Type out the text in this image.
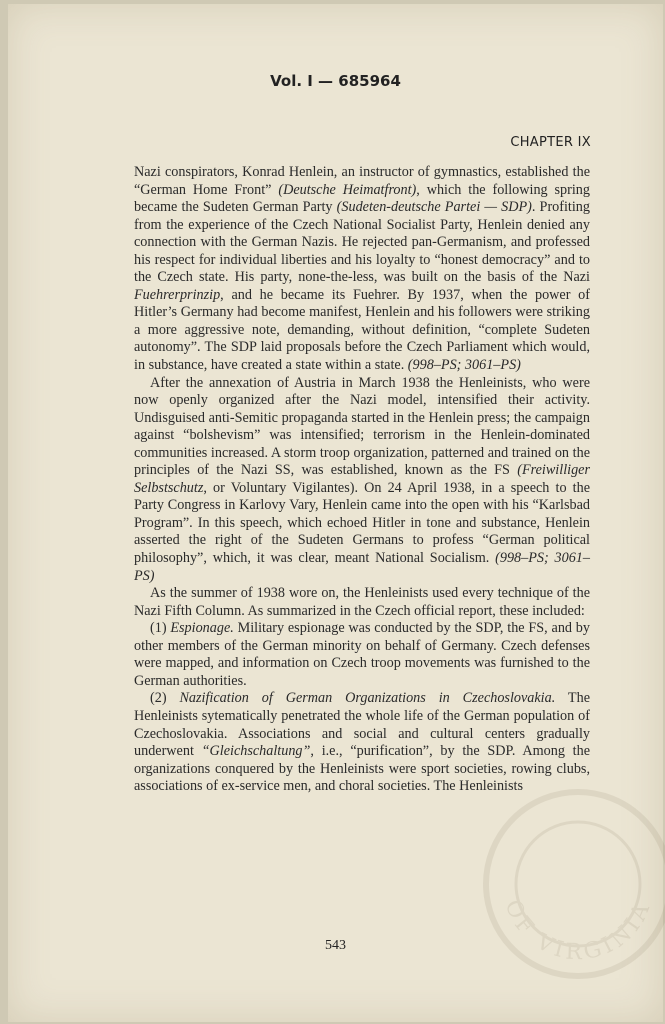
Vol. I — 685964
CHAPTER IX

Nazi conspirators, Konrad Henlein, an instructor of gymnastics, established the “German Home Front” (Deutsche Heimatfront), which the following spring became the Sudeten German Party (Sudeten-deutsche Partei — SDP). Profiting from the experience of the Czech National Socialist Party, Henlein denied any connection with the German Nazis. He rejected pan-Germanism, and professed his respect for individual liberties and his loyalty to “honest democracy” and to the Czech state. His party, none-the-less, was built on the basis of the Nazi Fuehrerprinzip, and he became its Fuehrer. By 1937, when the power of Hitler’s Germany had become manifest, Henlein and his followers were striking a more aggressive note, demanding, without definition, “complete Sudeten autonomy”. The SDP laid proposals before the Czech Parliament which would, in substance, have created a state within a state. (998–PS; 3061–PS)

After the annexation of Austria in March 1938 the Henleinists, who were now openly organized after the Nazi model, intensified their activity. Undisguised anti-Semitic propaganda started in the Henlein press; the campaign against “bolshevism” was intensified; terrorism in the Henlein-dominated communities increased. A storm troop organization, patterned and trained on the principles of the Nazi SS, was established, known as the FS (Freiwilliger Selbstschutz, or Voluntary Vigilantes). On 24 April 1938, in a speech to the Party Congress in Karlovy Vary, Henlein came into the open with his “Karlsbad Program”. In this speech, which echoed Hitler in tone and substance, Henlein asserted the right of the Sudeten Germans to profess “German political philosophy”, which, it was clear, meant National Socialism. (998–PS; 3061–PS)

As the summer of 1938 wore on, the Henleinists used every technique of the Nazi Fifth Column. As summarized in the Czech official report, these included:

(1) Espionage. Military espionage was conducted by the SDP, the FS, and by other members of the German minority on behalf of Germany. Czech defenses were mapped, and information on Czech troop movements was furnished to the German authorities.

(2) Nazification of German Organizations in Czechoslovakia. The Henleinists sytematically penetrated the whole life of the German population of Czechoslovakia. Associations and social and cultural centers gradually underwent “Gleichschaltung”, i.e., “purification”, by the SDP. Among the organizations conquered by the Henleinists were sport societies, rowing clubs, associations of ex-service men, and choral societies. The Henleinists

543
OF VIRGINIA
